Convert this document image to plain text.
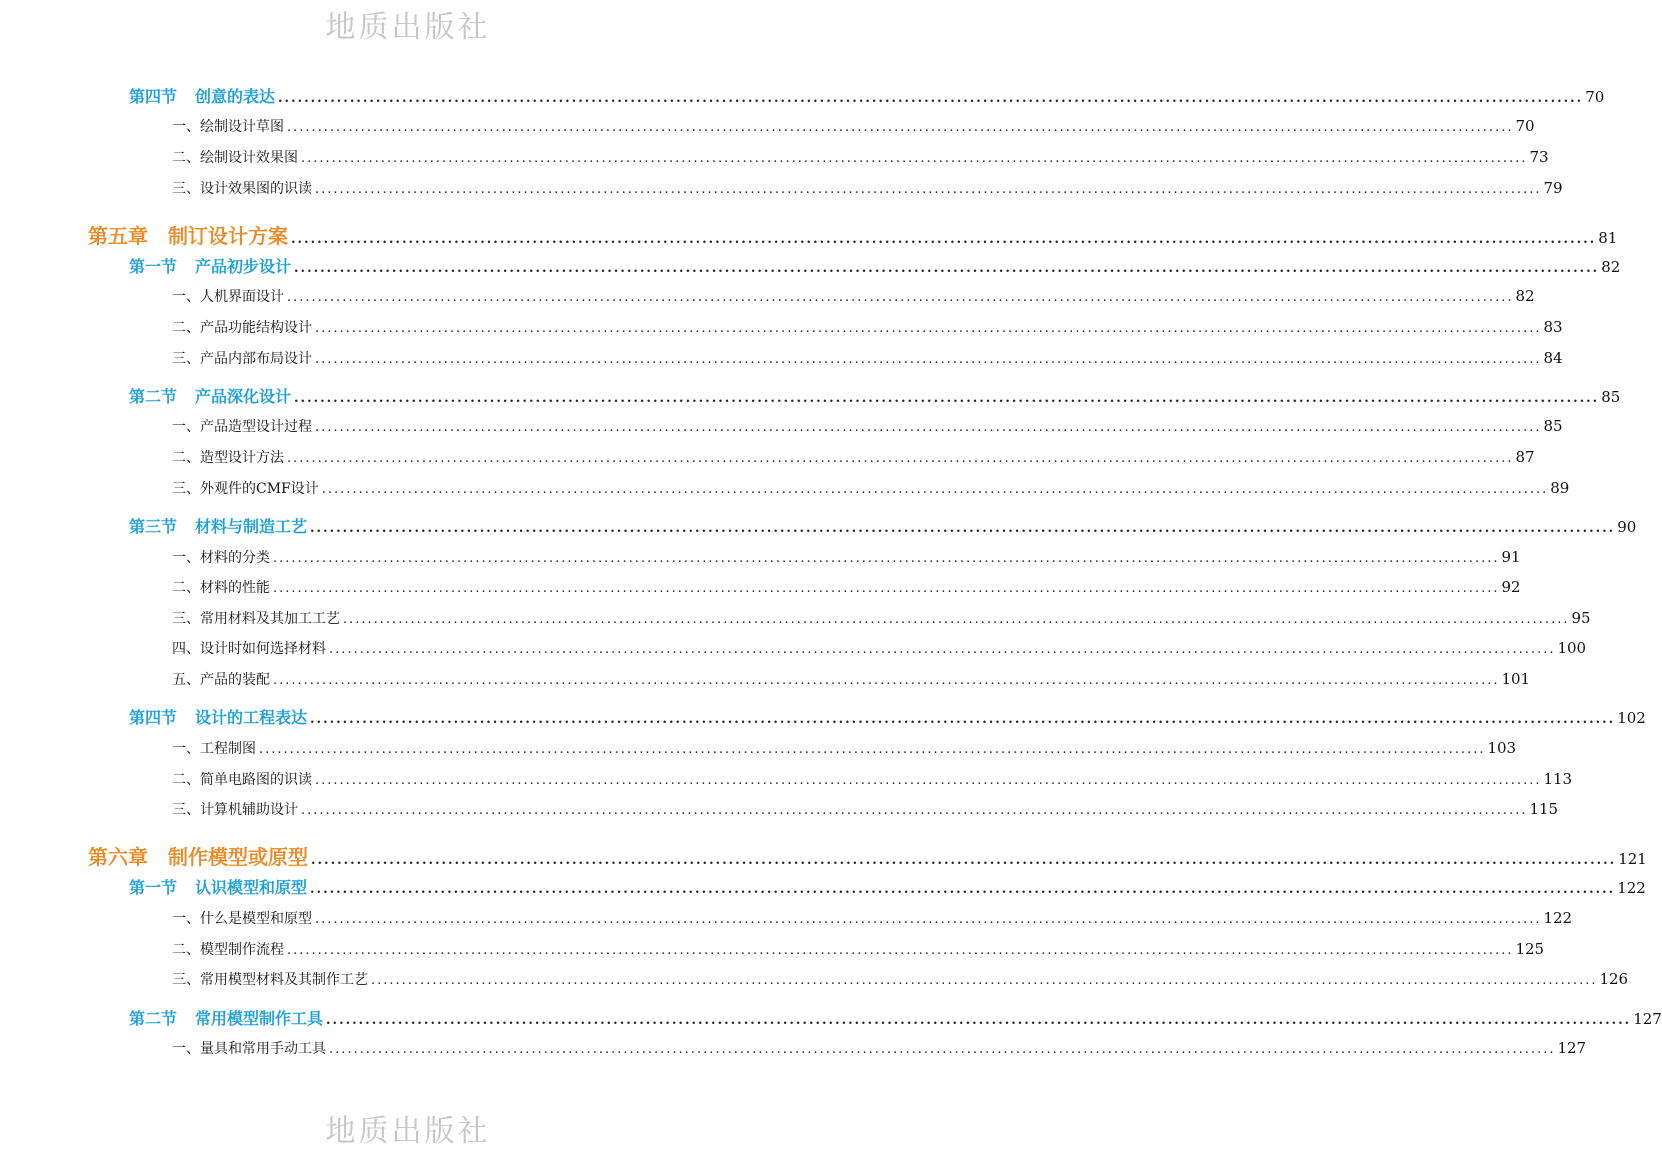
地质出版社
第四节 创意的表达 ........................................................................................................................................................................................................ 70
一、绘制设计草图 ........................................................................................................................................................................................................ 70
二、绘制设计效果图 ........................................................................................................................................................................................................ 73
三、设计效果图的识读 ........................................................................................................................................................................................................ 79
第五章 制订设计方案 ........................................................................................................................................................................................................ 81
第一节 产品初步设计 ........................................................................................................................................................................................................ 82
一、人机界面设计 ........................................................................................................................................................................................................ 82
二、产品功能结构设计 ........................................................................................................................................................................................................ 83
三、产品内部布局设计 ........................................................................................................................................................................................................ 84
第二节 产品深化设计 ........................................................................................................................................................................................................ 85
一、产品造型设计过程 ........................................................................................................................................................................................................ 85
二、造型设计方法 ........................................................................................................................................................................................................ 87
三、外观件的CMF设计 ........................................................................................................................................................................................................ 89
第三节 材料与制造工艺 ........................................................................................................................................................................................................ 90
一、材料的分类 ........................................................................................................................................................................................................ 91
二、材料的性能 ........................................................................................................................................................................................................ 92
三、常用材料及其加工工艺 ........................................................................................................................................................................................................ 95
四、设计时如何选择材料 ........................................................................................................................................................................................................ 100
五、产品的装配 ........................................................................................................................................................................................................ 101
第四节 设计的工程表达 ........................................................................................................................................................................................................ 102
一、工程制图 ........................................................................................................................................................................................................ 103
二、简单电路图的识读 ........................................................................................................................................................................................................ 113
三、计算机辅助设计 ........................................................................................................................................................................................................ 115
第六章 制作模型或原型 ........................................................................................................................................................................................................ 121
第一节 认识模型和原型 ........................................................................................................................................................................................................ 122
一、什么是模型和原型 ........................................................................................................................................................................................................ 122
二、模型制作流程 ........................................................................................................................................................................................................ 125
三、常用模型材料及其制作工艺 ........................................................................................................................................................................................................ 126
第二节 常用模型制作工具 ........................................................................................................................................................................................................ 127
一、量具和常用手动工具 ........................................................................................................................................................................................................ 127
地质出版社
